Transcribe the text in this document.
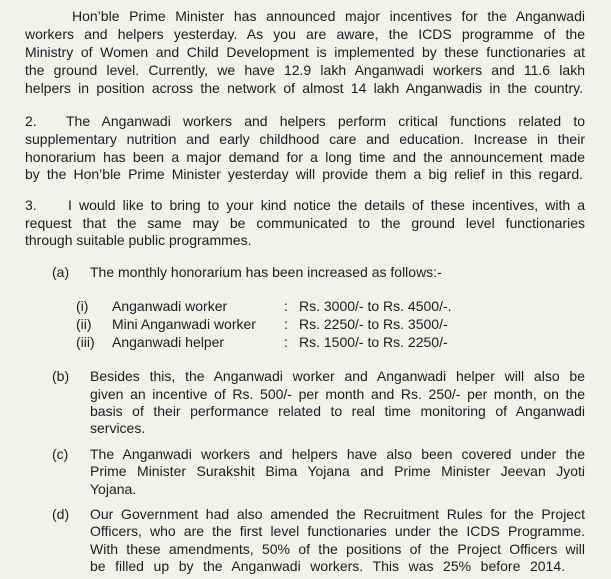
Hon’ble Prime Minister has announced major incentives for the Anganwadi
workers and helpers yesterday. As you are aware, the ICDS programme of the
Ministry of Women and Child Development is implemented by these functionaries at
the ground level. Currently, we have 12.9 lakh Anganwadi workers and 11.6 lakh
helpers in position across the network of almost 14 lakh Anganwadis in the country.
2. The Anganwadi workers and helpers perform critical functions related to
supplementary nutrition and early childhood care and education. Increase in their
honorarium has been a major demand for a long time and the announcement made
by the Hon’ble Prime Minister yesterday will provide them a big relief in this regard.
3. I would like to bring to your kind notice the details of these incentives, with a
request that the same may be communicated to the ground level functionaries
through suitable public programmes.
(a) The monthly honorarium has been increased as follows:-
(i) Anganwadi worker	: Rs. 3000/- to Rs. 4500/-.
(ii) Mini Anganwadi worker : Rs. 2250/- to Rs. 3500/-
(iii) Anganwadi helper	: Rs. 1500/- to Rs. 2250/-
(b) Besides this, the Anganwadi worker and Anganwadi helper will also be
given an incentive of Rs. 500/- per month and Rs. 250/- per month, on the
basis of their performance related to real time monitoring of Anganwadi
services.
(c) The Anganwadi workers and helpers have also been covered under the
Prime Minister Surakshit Bima Yojana and Prime Minister Jeevan Jyoti
Yojana.
(d) Our Government had also amended the Recruitment Rules for the Project
Officers, who are the first level functionaries under the ICDS Programme.
With these amendments, 50% of the positions of the Project Officers will
be filled up by the Anganwadi workers. This was 25% before 2014.
